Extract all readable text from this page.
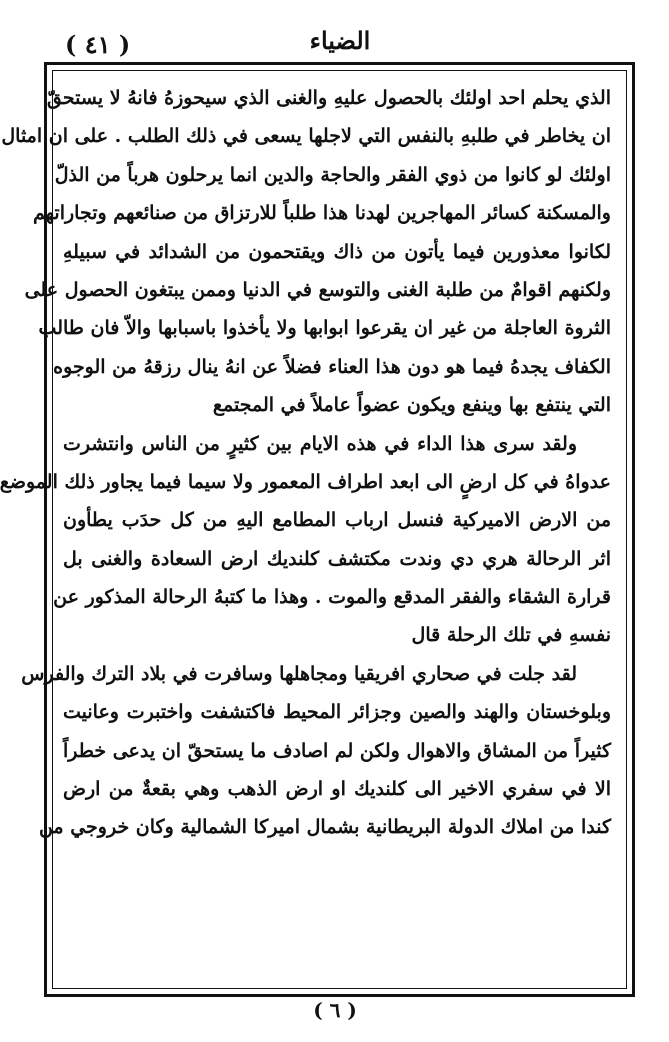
( ٤١ )	الضياء
الذي يحلم احد اولئك بالحصول عليهِ والغنى الذي سيحوزهُ فانهُ لا يستحقّ
ان يخاطر في طلبهِ بالنفس التي لاجلها يسعى في ذلك الطلب . على ان امثال
اولئك لو كانوا من ذوي الفقر والحاجة والدين انما يرحلون هرباً من الذلّ
والمسكنة كسائر المهاجرين لهدنا هذا طلباً للارتزاق من صنائعهم وتجاراتهم
لكانوا معذورين فيما يأتون من ذاك ويقتحمون من الشدائد في سبيلهِ
ولكنهم اقوامٌ من طلبة الغنى والتوسع في الدنيا وممن يبتغون الحصول على
الثروة العاجلة من غير ان يقرعوا ابوابها ولا يأخذوا باسبابها والاّ فان طالب
الكفاف يجدهُ فيما هو دون هذا العناء فضلاً عن انهُ ينال رزقهُ من الوجوه
التي ينتفع بها وينفع ويكون عضواً عاملاً في المجتمع
ولقد سرى هذا الداء في هذه الايام بين كثيرٍ من الناس وانتشرت
عدواهُ في كل ارضٍ الى ابعد اطراف المعمور ولا سيما فيما يجاور ذلك الموضع
من الارض الاميركية فنسل ارباب المطامع اليهِ من كل حدَب يطأون
اثر الرحالة هري دي وندت مكتشف كلنديك ارض السعادة والغنى بل
قرارة الشقاء والفقر المدقع والموت . وهذا ما كتبهُ الرحالة المذكور عن
نفسهِ في تلك الرحلة قال
لقد جلت في صحاري افريقيا ومجاهلها وسافرت في بلاد الترك والفرس
وبلوخستان والهند والصين وجزائر المحيط فاكتشفت واختبرت وعانيت
كثيراً من المشاق والاهوال ولكن لم اصادف ما يستحقّ ان يدعى خطراً
الا في سفري الاخير الى كلنديك او ارض الذهب وهي بقعةٌ من ارض
كندا من املاك الدولة البريطانية بشمال اميركا الشمالية وكان خروجي من
( ٦ )
